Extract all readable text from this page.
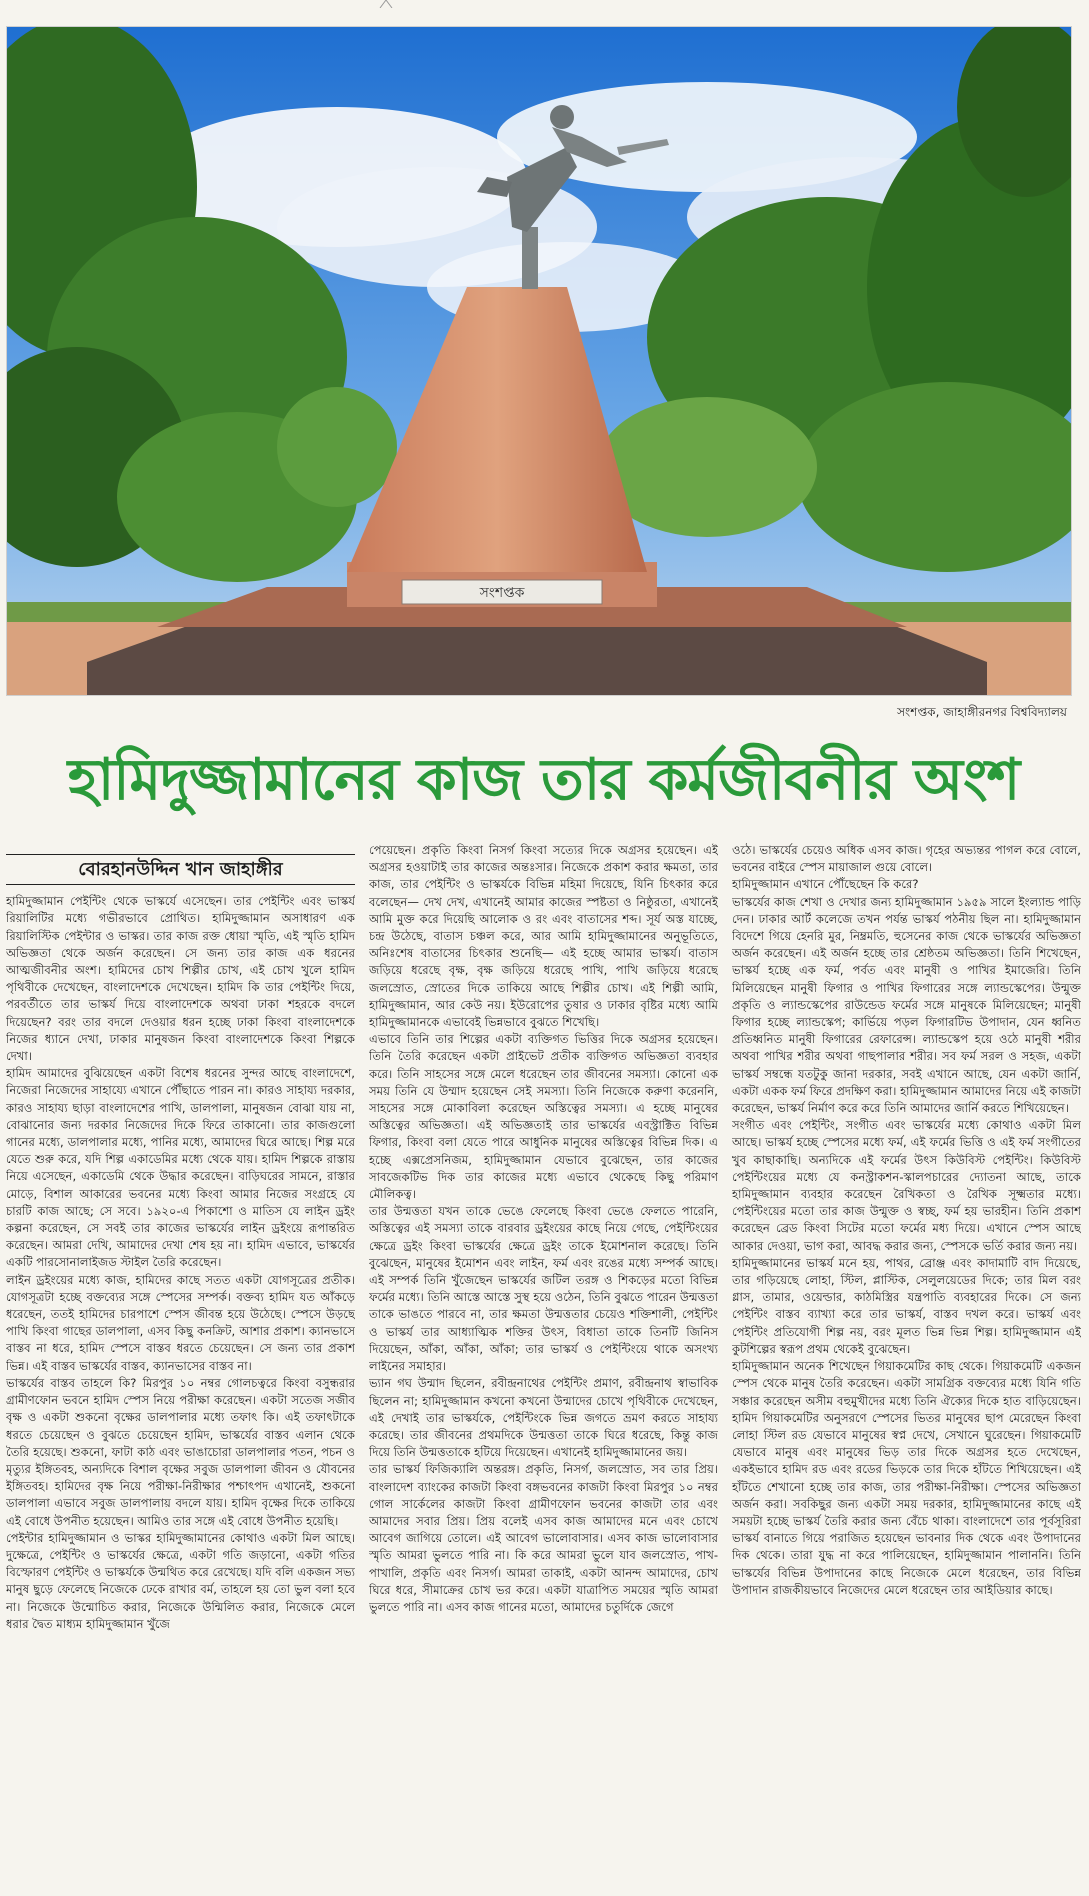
সংশপ্তক
সংশপ্তক, জাহাঙ্গীরনগর বিশ্ববিদ্যালয়
হামিদুজ্জামানের কাজ তার কর্মজীবনীর অংশ
বোরহানউদ্দিন খান জাহাঙ্গীর

হামিদুজ্জামান পেইন্টিং থেকে ভাস্কর্যে এসেছেন। তার পেইন্টিং এবং ভাস্কর্য রিয়ালিটির মধ্যে গভীরভাবে প্রোথিত। হামিদুজ্জামান অসাধারণ এক রিয়ালিস্টিক পেইন্টার ও ভাস্কর। তার কাজ রক্ত ধোয়া স্মৃতি, এই স্মৃতি হামিদ অভিজ্ঞতা থেকে অর্জন করেছেন। সে জন্য তার কাজ এক ধরনের আত্মজীবনীর অংশ। হামিদের চোখ শিল্পীর চোখ, এই চোখ খুলে হামিদ পৃথিবীকে দেখেছেন, বাংলাদেশকে দেখেছেন। হামিদ কি তার পেইন্টিং দিয়ে, পরবর্তীতে তার ভাস্কর্য দিয়ে বাংলাদেশকে অথবা ঢাকা শহরকে বদলে দিয়েছেন? বরং তার বদলে দেওয়ার ধরন হচ্ছে ঢাকা কিংবা বাংলাদেশকে নিজের ধ্যানে দেখা, ঢাকার মানুষজন কিংবা বাংলাদেশকে কিংবা শিল্পকে দেখা।

হামিদ আমাদের বুঝিয়েছেন একটা বিশেষ ধরনের সুন্দর আছে বাংলাদেশে, নিজেরা নিজেদের সাহায্যে এখানে পৌঁছাতে পারন না। কারও সাহায্য দরকার, কারও সাহায্য ছাড়া বাংলাদেশের পাখি, ডালপালা, মানুষজন বোঝা যায় না, বোঝানোর জন্য দরকার নিজেদের দিকে ফিরে তাকানো। তার কাজগুলো গানের মধ্যে, ডালপালার মধ্যে, পানির মধ্যে, আমাদের ঘিরে আছে। শিল্প মরে যেতে শুরু করে, যদি শিল্প একাডেমির মধ্যে থেকে যায়। হামিদ শিল্পকে রাস্তায় নিয়ে এসেছেন, একাডেমি থেকে উদ্ধার করেছেন। বাড়িঘরের সামনে, রাস্তার মোড়ে, বিশাল আকারের ভবনের মধ্যে কিংবা আমার নিজের সংগ্রহে যে চারটি কাজ আছে; সে সবে। ১৯২০-এ পিকাশো ও মাতিস যে লাইন ড্রইং কল্পনা করেছেন, সে সবই তার কাজের ভাস্কর্যের লাইন ড্রইংয়ে রূপান্তরিত করেছেন। আমরা দেখি, আমাদের দেখা শেষ হয় না। হামিদ এভাবে, ভাস্কর্যের একটি পারসোনালাইজড স্টাইল তৈরি করেছেন।

লাইন ড্রইংয়ের মধ্যে কাজ, হামিদের কাছে সতত একটা যোগসূত্রের প্রতীক। যোগসূত্রটা হচ্ছে বক্তব্যের সঙ্গে স্পেসের সম্পর্ক। বক্তব্য হামিদ যত আঁকড়ে ধরেছেন, ততই হামিদের চারপাশে স্পেস জীবন্ত হয়ে উঠেছে। স্পেসে উড়ছে পাখি কিংবা গাছের ডালপালা, এসব কিছু কনক্রিট, আশার প্রকাশ। ক্যানভাসে বাস্তব না ধরে, হামিদ স্পেসে বাস্তব ধরতে চেয়েছেন। সে জন্য তার প্রকাশ ভিন্ন। এই বাস্তব ভাস্কর্যের বাস্তব, ক্যানভাসের বাস্তব না।

ভাস্কর্যের বাস্তব তাহলে কি? মিরপুর ১০ নম্বর গোলচত্বরে কিংবা বসুন্ধরার গ্রামীণফোন ভবনে হামিদ স্পেস নিয়ে পরীক্ষা করেছেন। একটা সতেজ সজীব বৃক্ষ ও একটা শুকনো বৃক্ষের ডালপালার মধ্যে তফাৎ কি। এই তফাৎটাকে ধরতে চেয়েছেন ও বুঝতে চেয়েছেন হামিদ, ভাস্কর্যের বাস্তব এলান থেকে তৈরি হয়েছে। শুকনো, ফাটা কাঠ এবং ভাঙাচোরা ডালপালার পতন, পচন ও মৃত্যুর ইঙ্গিতবহ, অন্যদিকে বিশাল বৃক্ষের সবুজ ডালপালা জীবন ও যৌবনের ইঙ্গিতবহ। হামিদের বৃক্ষ নিয়ে পরীক্ষা-নিরীক্ষার পশ্চাৎপদ এখানেই, শুকনো ডালপালা এভাবে সবুজ ডালপালায় বদলে যায়। হামিদ বৃক্ষের দিকে তাকিয়ে এই বোধে উপনীত হয়েছেন। আমিও তার সঙ্গে এই বোধে উপনীত হয়েছি।

পেইন্টার হামিদুজ্জামান ও ভাস্কর হামিদুজ্জামানের কোথাও একটা মিল আছে। দুক্ষেত্রে, পেইন্টিং ও ভাস্কর্যের ক্ষেত্রে, একটা গতি জড়ানো, একটা গতির বিস্ফোরণ পেইন্টিং ও ভাস্কর্যকে উন্মথিত করে রেখেছে। যদি বলি একজন সভ্য মানুষ ছুড়ে ফেলেছে নিজেকে ঢেকে রাখার বর্ম, তাহলে হয় তো ভুল বলা হবে না। নিজেকে উন্মোচিত করার, নিজেকে উন্মিলিত করার, নিজেকে মেলে ধরার দ্বৈত মাধ্যম হামিদুজ্জামান খুঁজে

পেয়েছেন। প্রকৃতি কিংবা নিসর্গ কিংবা সত্যের দিকে অগ্রসর হয়েছেন। এই অগ্রসর হওয়াটাই তার কাজের অন্তঃসার। নিজেকে প্রকাশ করার ক্ষমতা, তার কাজ, তার পেইন্টিং ও ভাস্কর্যকে বিভিন্ন মহিমা দিয়েছে, যিনি চিৎকার করে বলেছেন— দেখ দেখ, এখানেই আমার কাজের স্পষ্টতা ও নিষ্ঠুরতা, এখানেই আমি মুক্ত করে দিয়েছি আলোক ও রং এবং বাতাসের শব্দ। সূর্য অস্ত যাচ্ছে, চন্দ্র উঠেছে, বাতাস চঞ্চল করে, আর আমি হামিদুজ্জামানের অনুভূতিতে, অনিঃশেষ বাতাসের চিৎকার শুনেছি— এই হচ্ছে আমার ভাস্কর্য। বাতাস জড়িয়ে ধরেছে বৃক্ষ, বৃক্ষ জড়িয়ে ধরেছে পাখি, পাখি জড়িয়ে ধরেছে জলস্রোত, স্রোতের দিকে তাকিয়ে আছে শিল্পীর চোখ। এই শিল্পী আমি, হামিদুজ্জামান, আর কেউ নয়। ইউরোপের তুষার ও ঢাকার বৃষ্টির মধ্যে আমি হামিদুজ্জামানকে এভাবেই ভিন্নভাবে বুঝতে শিখেছি।

এভাবে তিনি তার শিল্পের একটা ব্যক্তিগত ভিত্তির দিকে অগ্রসর হয়েছেন। তিনি তৈরি করেছেন একটা প্রাইভেট প্রতীক ব্যক্তিগত অভিজ্ঞতা ব্যবহার করে। তিনি সাহসের সঙ্গে মেলে ধরেছেন তার জীবনের সমস্যা। কোনো এক সময় তিনি যে উম্মাদ হয়েছেন সেই সমস্যা। তিনি নিজেকে করুণা করেননি, সাহসের সঙ্গে মোকাবিলা করেছেন অস্তিত্বের সমস্যা। এ হচ্ছে মানুষের অস্তিত্বের অভিজ্ঞতা। এই অভিজ্ঞতাই তার ভাস্কর্যের এবস্ট্রাক্টিত বিভিন্ন ফিগার, কিংবা বলা যেতে পারে আধুনিক মানুষের অস্তিত্বের বিভিন্ন দিক। এ হচ্ছে এক্সপ্রেসনিজম, হামিদুজ্জামান যেভাবে বুঝেছেন, তার কাজের সাবজেকটিভ দিক তার কাজের মধ্যে এভাবে থেকেছে কিছু পরিমাণ মৌলিকত্ব।

তার উন্মত্ততা যখন তাকে ভেঙে ফেলেছে কিংবা ভেঙে ফেলতে পারেনি, অস্তিত্বের এই সমস্যা তাকে বারবার ড্রইংয়ের কাছে নিয়ে গেছে, পেইন্টিংয়ের ক্ষেত্রে ড্রইং কিংবা ভাস্কর্যের ক্ষেত্রে ড্রইং তাকে ইমোশনাল করেছে। তিনি বুঝেছেন, মানুষের ইমোশন এবং লাইন, ফর্ম এবং রঙের মধ্যে সম্পর্ক আছে। এই সম্পর্ক তিনি খুঁজেছেন ভাস্কর্যের জটিল তরঙ্গ ও শিকড়ের মতো বিভিন্ন ফর্মের মধ্যে। তিনি আস্তে আস্তে সুস্থ হয়ে ওঠেন, তিনি বুঝতে পারেন উন্মত্ততা তাকে ভাঙতে পারবে না, তার ক্ষমতা উন্মত্ততার চেয়েও শক্তিশালী, পেইন্টিং ও ভাস্কর্য তার আধ্যাত্মিক শক্তির উৎস, বিধাতা তাকে তিনটি জিনিস দিয়েছেন, আঁকা, আঁকা, আঁকা; তার ভাস্কর্য ও পেইন্টিংয়ে থাকে অসংখ্য লাইনের সমাহার।

ভ্যান গঘ উন্মাদ ছিলেন, রবীন্দ্রনাথের পেইন্টিং প্রমাণ, রবীন্দ্রনাথ স্বাভাবিক ছিলেন না; হামিদুজ্জামান কখনো কখনো উন্মাদের চোখে পৃথিবীকে দেখেছেন, এই দেখাই তার ভাস্কর্যকে, পেইন্টিংকে ভিন্ন জগতে ভ্রমণ করতে সাহায্য করেছে। তার জীবনের প্রথমদিকে উন্মত্ততা তাকে ঘিরে ধরেছে, কিন্তু কাজ দিয়ে তিনি উন্মত্ততাকে হটিয়ে দিয়েছেন। এখানেই হামিদুজ্জামানের জয়।

তার ভাস্কর্য ফিজিক্যালি অন্তরঙ্গ। প্রকৃতি, নিসর্গ, জলস্রোত, সব তার প্রিয়। বাংলাদেশ ব্যাংকের কাজটা কিংবা বঙ্গভবনের কাজটা কিংবা মিরপুর ১০ নম্বর গোল সার্কেলের কাজটা কিংবা গ্রামীণফোন ভবনের কাজটা তার এবং আমাদের সবার প্রিয়। প্রিয় বলেই এসব কাজ আমাদের মনে এবং চোখে আবেগ জাগিয়ে তোলে। এই আবেগ ভালোবাসার। এসব কাজ ভালোবাসার স্মৃতি আমরা ভুলতে পারি না। কি করে আমরা ভুলে যাব জলস্রোত, পাখ-পাখালি, প্রকৃতি এবং নিসর্গ। আমরা তাকাই, একটা আনন্দ আমাদের, চোখ ঘিরে ধরে, সীমাক্রের চোখ ভর করে। একটা যাত্রাপিত সময়ের স্মৃতি আমরা ভুলতে পারি না। এসব কাজ গানের মতো, আমাদের চতুর্দিকে জেগে

ওঠে। ভাস্কর্যের চেয়েও অধিক এসব কাজ। গৃহের অভ্যন্তর পাগল করে বোলে, ভবনের বাইরে স্পেস মায়াজাল গুয়ে বোলে।

হামিদুজ্জামান এখানে পৌঁছেছেন কি করে?

ভাস্কর্যের কাজ শেখা ও দেখার জন্য হামিদুজ্জামান ১৯৫৯ সালে ইংল্যান্ড পাড়ি দেন। ঢাকার আর্ট কলেজে তখন পর্যন্ত ভাস্কর্য পঠনীয় ছিল না। হামিদুজ্জামান বিদেশে গিয়ে হেনরি মুর, নিম্ব্রমতি, হুসেনের কাজ থেকে ভাস্কর্যের অভিজ্ঞতা অর্জন করেছেন। এই অর্জন হচ্ছে তার শ্রেষ্ঠতম অভিজ্ঞতা। তিনি শিখেছেন, ভাস্কর্য হচ্ছে এক ফর্ম, পর্বত এবং মানুষী ও পাখির ইমাজেরি। তিনি মিলিয়েছেন মানুষী ফিগার ও পাখির ফিগারের সঙ্গে ল্যান্ডস্কেপের। উন্মুক্ত প্রকৃতি ও ল্যান্ডস্কেপের রাউন্ডেড ফর্মের সঙ্গে মানুষকে মিলিয়েছেন; মানুষী ফিগার হচ্ছে ল্যান্ডস্কেপ; কার্ভিয়ে পড়ল ফিগারটিভ উপাদান, যেন ধ্বনিত প্রতিধ্বনিত মানুষী ফিগারের রেফারেন্স। ল্যান্ডস্কেপ হয়ে ওঠে মানুষী শরীর অথবা পাখির শরীর অথবা গাছপালার শরীর। সব ফর্ম সরল ও সহজ, একটা ভাস্কর্য সম্বন্ধে যতটুকু জানা দরকার, সবই এখানে আছে, যেন একটা জার্নি, একটা একক ফর্ম ফিরে প্রদক্ষিণ করা। হামিদুজ্জামান আমাদের নিয়ে এই কাজটা করেছেন, ভাস্কর্য নির্মাণ করে করে তিনি আমাদের জার্নি করতে শিখিয়েছেন।

সংগীত এবং পেইন্টিং, সংগীত এবং ভাস্কর্যের মধ্যে কোথাও একটা মিল আছে। ভাস্কর্য হচ্ছে স্পেসের মধ্যে ফর্ম, এই ফর্মের ভিত্তি ও এই ফর্ম সংগীতের খুব কাছাকাছি। অন্যদিকে এই ফর্মের উৎস কিউবিস্ট পেইন্টিং। কিউবিস্ট পেইন্টিংয়ের মধ্যে যে কনস্ট্রাকশন-স্কালপচারের দ্যোতনা আছে, তাকে হামিদুজ্জামান ব্যবহার করেছেন রৈখিকতা ও রৈখিক সূক্ষ্মতার মধ্যে। পেইন্টিংয়ের মতো তার কাজ উন্মুক্ত ও স্বচ্ছ, ফর্ম হয় ভারহীন। তিনি প্রকাশ করেছেন ব্রেড কিংবা সিটের মতো ফর্মের মধ্য দিয়ে। এখানে স্পেস আছে আকার দেওয়া, ভাগ করা, আবদ্ধ করার জন্য, স্পেসকে ভর্তি করার জন্য নয়।

হামিদুজ্জামানের ভাস্কর্য মনে হয়, পাথর, ব্রোঞ্জ এবং কাদামাটি বাদ দিয়েছে, তার গড়িয়েছে লোহা, স্টিল, প্লাস্টিক, সেলুলয়েডের দিকে; তার মিল বরং গ্লাস, তামার, ওয়েল্ডার, কাঠমিস্ত্রির যন্ত্রপাতি ব্যবহারের দিকে। সে জন্য পেইন্টিং বাস্তব ব্যাখ্যা করে তার ভাস্কর্য, বাস্তব দখল করে। ভাস্কর্য এবং পেইন্টিং প্রতিযোগী শিল্প নয়, বরং মূলত ভিন্ন ভিন্ন শিল্প। হামিদুজ্জামান এই কুটশিল্পের স্বরূপ প্রথম থেকেই বুঝেছেন।

হামিদুজ্জামান অনেক শিখেছেন গিয়াকমেটির কাছ থেকে। গিয়াকমেটি একজন স্পেস থেকে মানুষ তৈরি করেছেন। একটা সামগ্রিক বক্তব্যের মধ্যে যিনি গতি সঞ্চার করেছেন অসীম বহুমুখীদের মধ্যে তিনি ঐক্যের দিকে হাত বাড়িয়েছেন। হামিদ গিয়াকমেটির অনুসরণে স্পেসের ভিতর মানুষের ছাপ মেরেছেন কিংবা লোহা স্টিল রড যেভাবে মানুষের স্বপ্ন দেখে, সেখানে ঘুরেছেন। গিয়াকমেটি যেভাবে মানুষ এবং মানুষের ভিড় তার দিকে অগ্রসর হতে দেখেছেন, একইভাবে হামিদ রড এবং রডের ভিড়কে তার দিকে হাঁটতে শিখিয়েছেন। এই হাঁটতে শেখানো হচ্ছে তার কাজ, তার পরীক্ষা-নিরীক্ষা। স্পেসের অভিজ্ঞতা অর্জন করা। সবকিছুর জন্য একটা সময় দরকার, হামিদুজ্জামানের কাছে এই সময়টা হচ্ছে ভাস্কর্য তৈরি করার জন্য বেঁচে থাকা। বাংলাদেশে তার পূর্বসূরিরা ভাস্কর্য বানাতে গিয়ে পরাজিত হয়েছেন ভাবনার দিক থেকে এবং উপাদানের দিক থেকে। তারা যুদ্ধ না করে পালিয়েছেন, হামিদুজ্জামান পালাননি। তিনি ভাস্কর্যের বিভিন্ন উপাদানের কাছে নিজেকে মেলে ধরেছেন, তার বিভিন্ন উপাদান রাজকীয়ভাবে নিজেদের মেলে ধরেছেন তার আইডিয়ার কাছে।
